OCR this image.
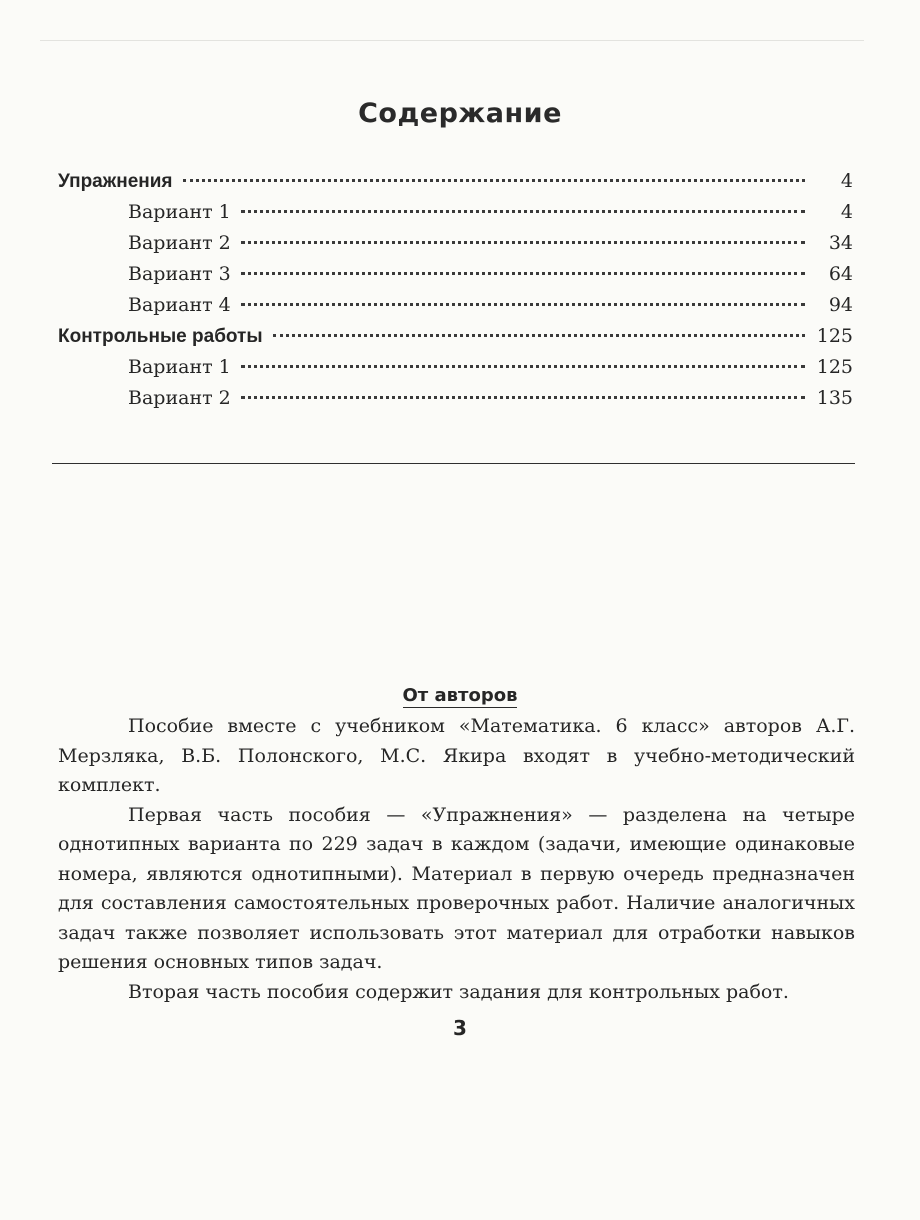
Содержание
Упражнения	4
Вариант 1	4
Вариант 2	34
Вариант 3	64
Вариант 4	94
Контрольные работы	125
Вариант 1	125
Вариант 2	135
От авторов

Пособие вместе с учебником «Математика. 6 класс» авторов А.Г. Мерзляка, В.Б. Полонского, М.С. Якира входят в учебно-методический комплект.

Первая часть пособия — «Упражнения» — разделена на четыре однотипных варианта по 229 задач в каждом (задачи, имеющие одинаковые номера, являются однотипными). Материал в первую очередь предназначен для составления самостоятельных проверочных работ. Наличие аналогичных задач также позволяет использовать этот материал для отработки навыков решения основных типов задач.

Вторая часть пособия содержит задания для контрольных работ.

3
